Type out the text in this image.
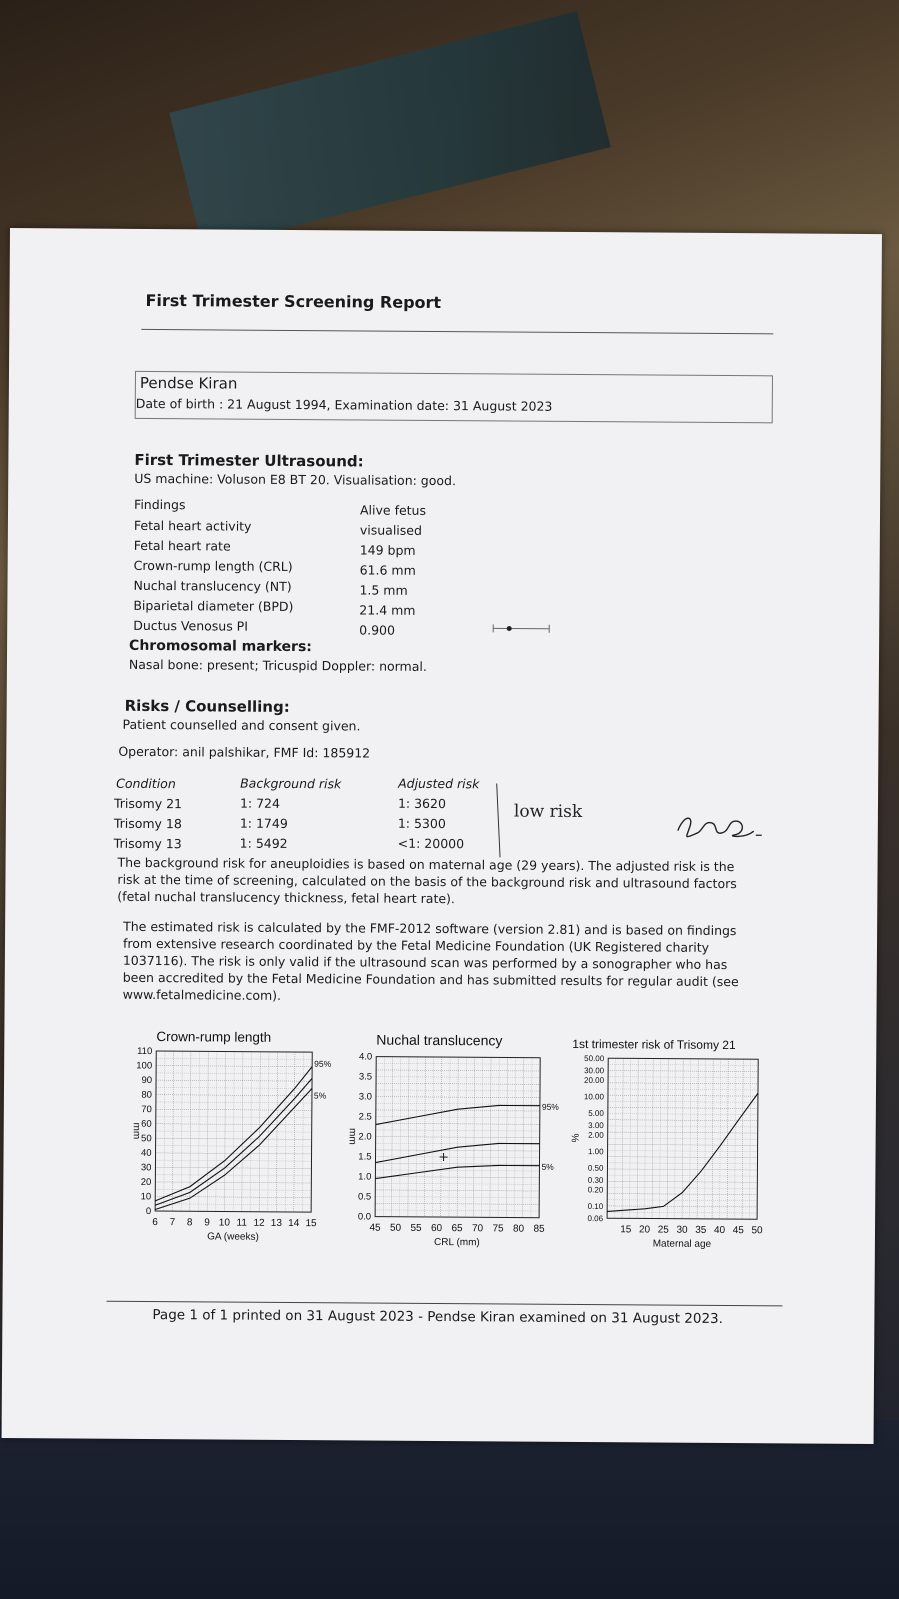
First Trimester Screening Report
Pendse Kiran
Date of birth : 21 August 1994, Examination date: 31 August 2023
First Trimester Ultrasound:
US machine: Voluson E8 BT 20. Visualisation: good.
Findings	Alive fetus
Fetal heart activity	visualised
Fetal heart rate	149 bpm
Crown-rump length (CRL)	61.6 mm
Nuchal translucency (NT)	1.5 mm
Biparietal diameter (BPD)	21.4 mm
Ductus Venosus PI	0.900
Chromosomal markers:
Nasal bone: present; Tricuspid Doppler: normal.
Risks / Counselling:
Patient counselled and consent given.
Operator: anil palshikar, FMF Id: 185912
Condition	Background risk	Adjusted risk
Trisomy 21	1: 724	1: 3620
Trisomy 18	1: 1749	1: 5300
Trisomy 13	1: 5492	<1: 20000
low risk
The background risk for aneuploidies is based on maternal age (29 years). The adjusted risk is the
risk at the time of screening, calculated on the basis of the background risk and ultrasound factors
(fetal nuchal translucency thickness, fetal heart rate).
The estimated risk is calculated by the FMF-2012 software (version 2.81) and is based on findings
from extensive research coordinated by the Fetal Medicine Foundation (UK Registered charity
1037116). The risk is only valid if the ultrasound scan was performed by a sonographer who has
been accredited by the Fetal Medicine Foundation and has submitted results for regular audit (see
www.fetalmedicine.com).
Crown-rump length
6 7 8 9 10 11 12 13 14 15
0
10
20
30
40
50
60
70
80
90
100
110
GA (weeks)
mm
95%
5%
Nuchal translucency
45 50 55 60 65 70 75 80 85
0.0
0.5
1.0
1.5
2.0
2.5
3.0
3.5
4.0
CRL (mm)
mm
95%
5%
1st trimester risk of Trisomy 21
15 20 25 30 35 40 45 50
0.06
0.10
0.20
0.30
0.50
1.00
2.00
3.00
5.00
10.00
20.00
30.00
50.00
Maternal age
%
Page 1 of 1 printed on 31 August 2023 - Pendse Kiran examined on 31 August 2023.
